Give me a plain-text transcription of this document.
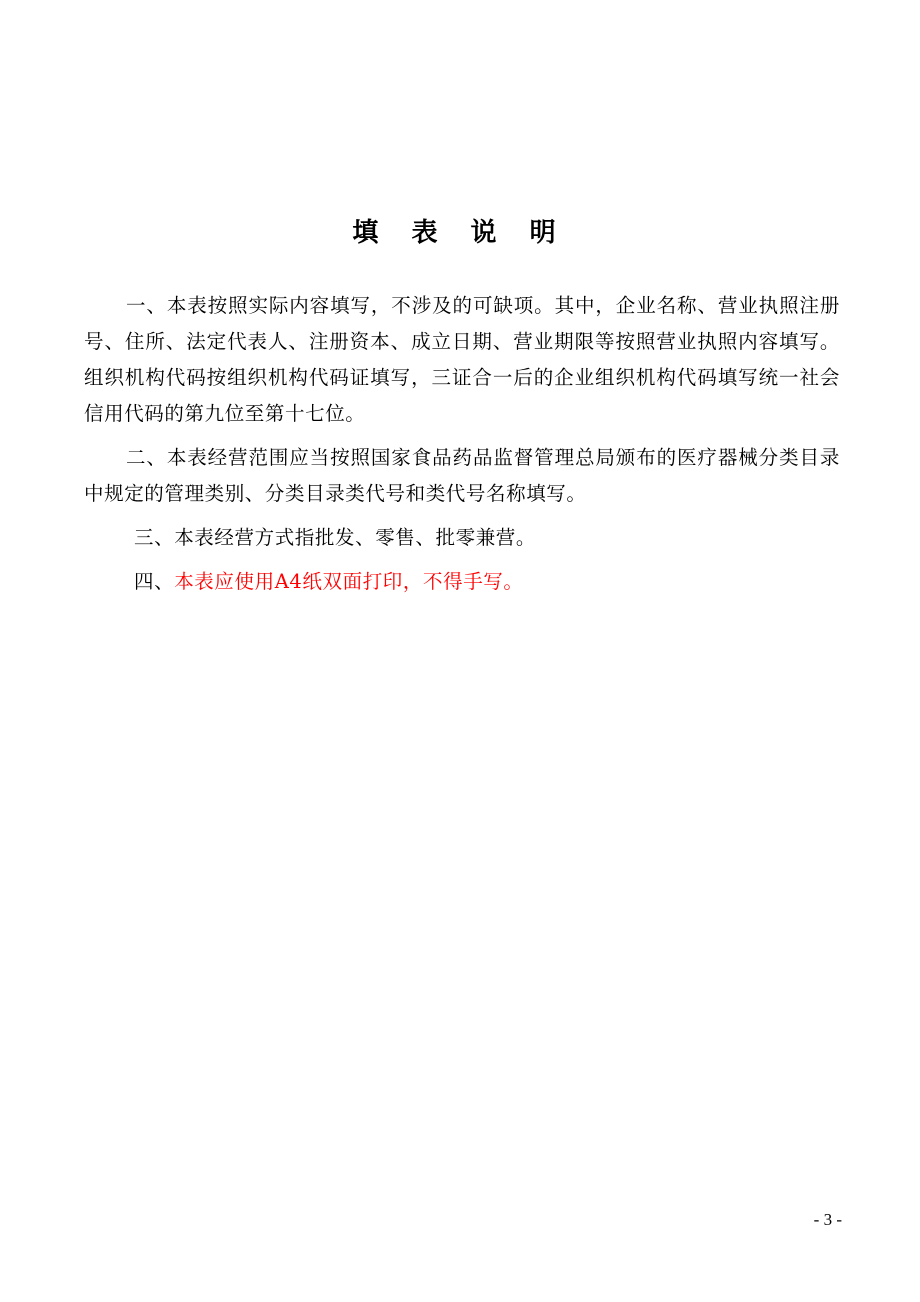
填 表 说 明

一、本表按照实际内容填写，不涉及的可缺项。其中，企业名称、营业执照注册号、住所、法定代表人、注册资本、成立日期、营业期限等按照营业执照内容填写。组织机构代码按组织机构代码证填写，三证合一后的企业组织机构代码填写统一社会信用代码的第九位至第十七位。

二、本表经营范围应当按照国家食品药品监督管理总局颁布的医疗器械分类目录中规定的管理类别、分类目录类代号和类代号名称填写。

三、本表经营方式指批发、零售、批零兼营。

四、本表应使用A4纸双面打印，不得手写。

- 3 -
